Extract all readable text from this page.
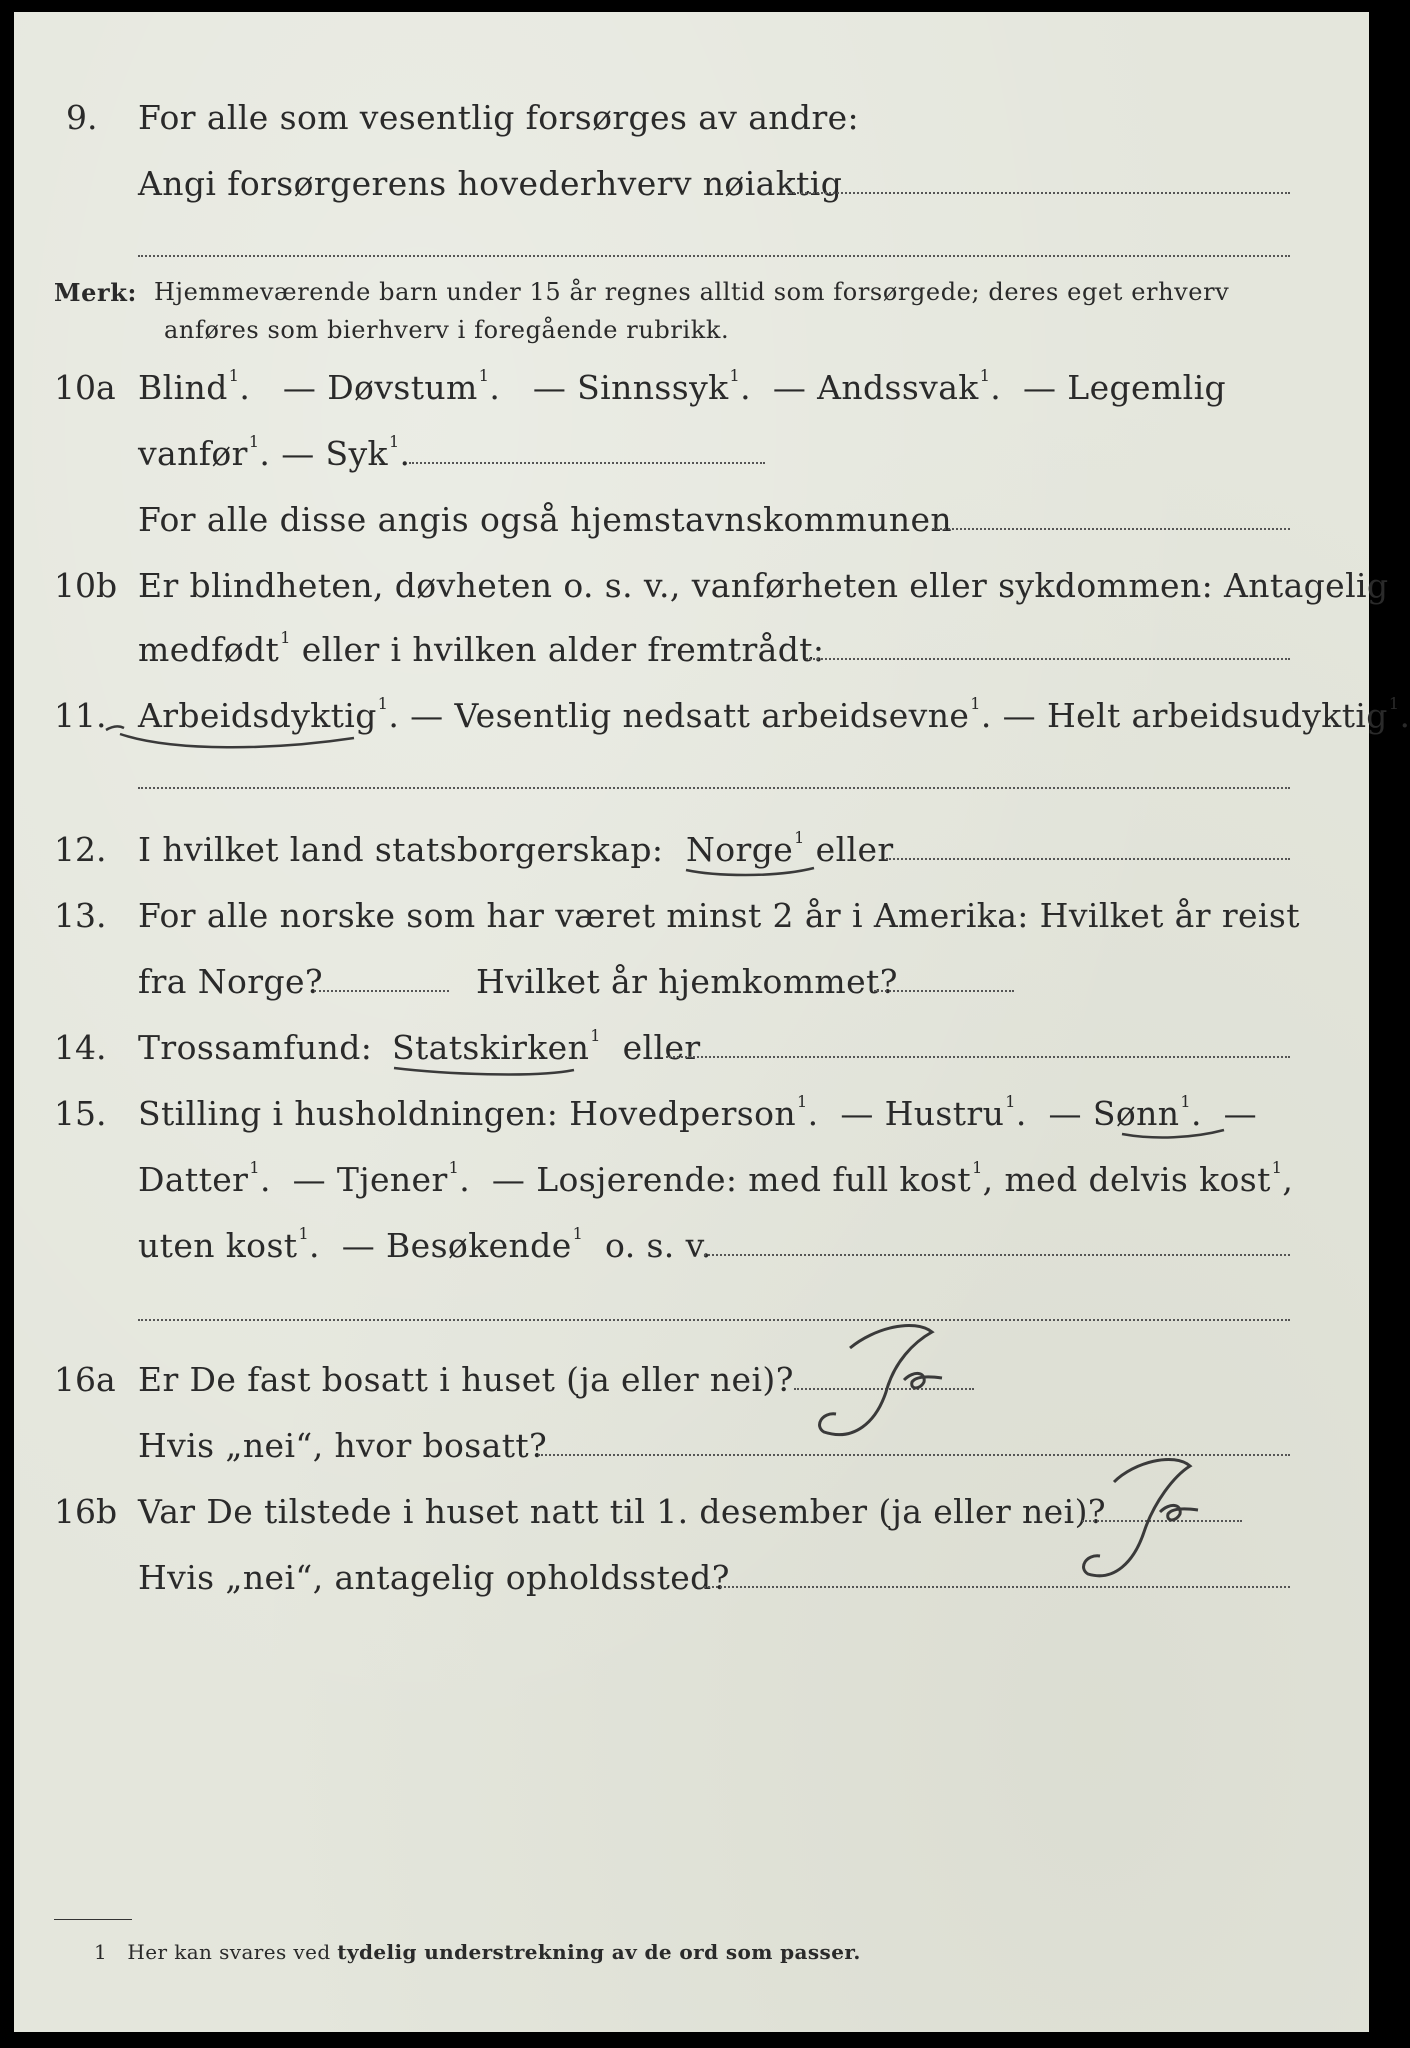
9. For alle som vesentlig forsørges av andre:
Angi forsørgerens hovederhverv nøiaktig
Merk: Hjemmeværende barn under 15 år regnes alltid som forsørgede; deres eget erhverv
anføres som bierhverv i foregående rubrikk.
10a Blind$^1$.   — Døvstum$^1$.   — Sinnssyk$^1$.  — Andssvak$^1$.  — Legemlig
vanfør$^1$. — Syk$^1$.
For alle disse angis også hjemstavnskommunen
10b Er blindheten, døvheten o. s. v., vanførheten eller sykdommen: Antagelig
medfødt$^1$ eller i hvilken alder fremtrådt:
11. Arbeidsdyktig$^1$. — Vesentlig nedsatt arbeidsevne$^1$. — Helt arbeidsudyktig$^1$.
12. I hvilket land statsborgerskap: Norge$^1$ eller
13. For alle norske som har været minst 2 år i Amerika: Hvilket år reist
fra Norge?	Hvilket år hjemkommet?
14. Trossamfund: Statskirken$^1$ eller
15. Stilling i husholdningen: Hovedperson$^1$.  — Hustru$^1$.  — Sønn$^1$.  —
Datter$^1$.  — Tjener$^1$.  — Losjerende: med full kost$^1$, med delvis kost$^1$,
uten kost$^1$.  — Besøkende$^1$ o. s. v.
16a Er De fast bosatt i huset (ja eller nei)?
Hvis „nei“, hvor bosatt?
16b Var De tilstede i huset natt til 1. desember (ja eller nei)?
Hvis „nei“, antagelig opholdssted?
1 Her kan svares ved tydelig understrekning av de ord som passer.
